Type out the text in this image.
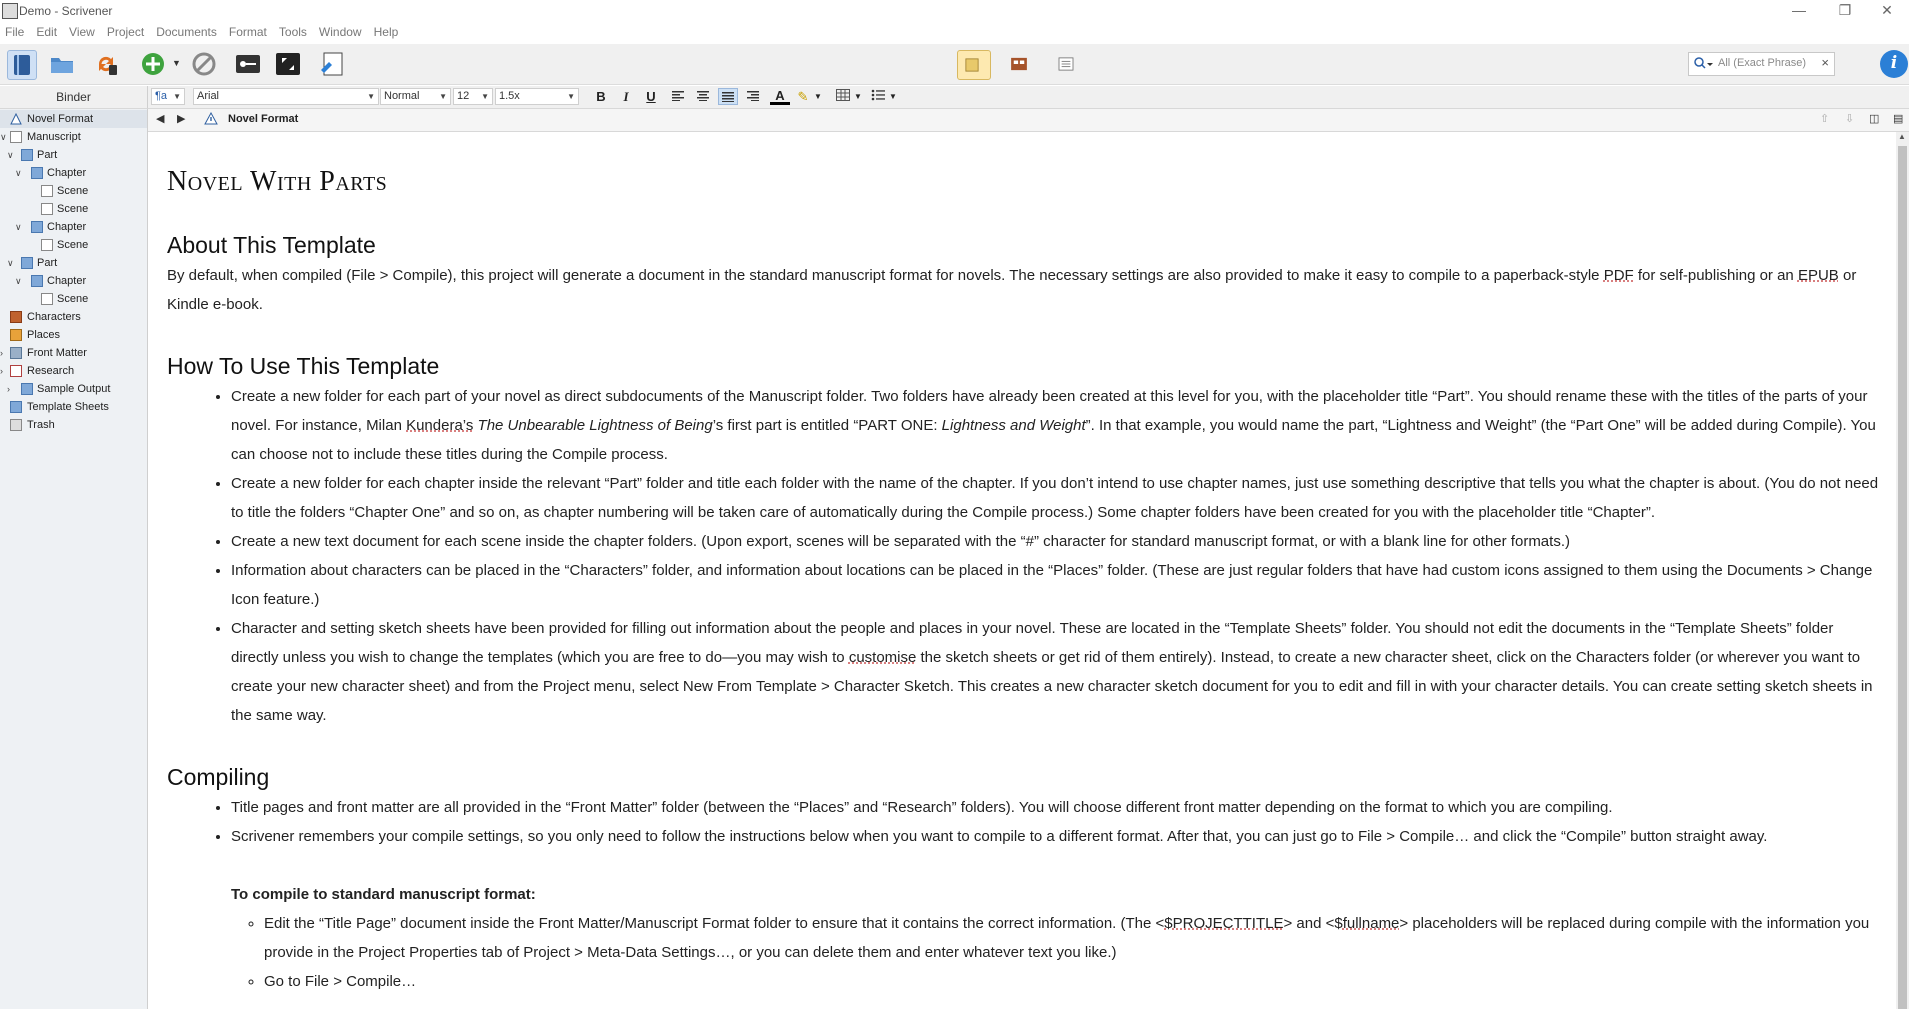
Demo - Scrivener	—	❐	✕
File Edit View Project Documents Format Tools Window Help
▼	All (Exact Phrase) ×	i
Binder
Novel Format
∨ Manuscript
∨ Part
∨ Chapter
Scene
Scene
∨ Chapter
Scene
∨ Part
∨ Chapter
Scene
Characters
Places
› Front Matter
› Research
› Sample Output
Template Sheets
Trash
¶a ▼	Arial	▼ Normal ▼ 12 ▼ 1.5x	▼	B	I	U	A ✎ ▼	▼	▼
◀ ▶	Novel Format	⇧ ⇩ ◫ ▤
Novel With Parts
About This Template

By default, when compiled (File > Compile), this project will generate a document in the standard manuscript format for novels. The necessary settings are also provided to make it easy to compile to a paperback-style PDF for self-publishing or an EPUB or Kindle e-book.

How To Use This Template
• Create a new folder for each part of your novel as direct subdocuments of the Manuscript folder. Two folders have already been created at this level for you, with the placeholder title “Part”. You should rename these with the titles of the parts of your novel. For instance, Milan Kundera’s The Unbearable Lightness of Being’s first part is entitled “PART ONE: Lightness and Weight”. In that example, you would name the part, “Lightness and Weight” (the “Part One” will be added during Compile). You can choose not to include these titles during the Compile process.
• Create a new folder for each chapter inside the relevant “Part” folder and title each folder with the name of the chapter. If you don’t intend to use chapter names, just use something descriptive that tells you what the chapter is about. (You do not need to title the folders “Chapter One” and so on, as chapter numbering will be taken care of automatically during the Compile process.) Some chapter folders have been created for you with the placeholder title “Chapter”.
• Create a new text document for each scene inside the chapter folders. (Upon export, scenes will be separated with the “#” character for standard manuscript format, or with a blank line for other formats.)
• Information about characters can be placed in the “Characters” folder, and information about locations can be placed in the “Places” folder. (These are just regular folders that have had custom icons assigned to them using the Documents > Change Icon feature.)
• Character and setting sketch sheets have been provided for filling out information about the people and places in your novel. These are located in the “Template Sheets” folder. You should not edit the documents in the “Template Sheets” folder directly unless you wish to change the templates (which you are free to do—you may wish to customise the sketch sheets or get rid of them entirely). Instead, to create a new character sheet, click on the Characters folder (or wherever you want to create your new character sheet) and from the Project menu, select New From Template > Character Sketch. This creates a new character sketch document for you to edit and fill in with your character details. You can create setting sketch sheets in the same way.
Compiling
• Title pages and front matter are all provided in the “Front Matter” folder (between the “Places” and “Research” folders). You will choose different front matter depending on the format to which you are compiling.
• Scrivener remembers your compile settings, so you only need to follow the instructions below when you want to compile to a different format. After that, you can just go to File > Compile… and click the “Compile” button straight away.

To compile to standard manuscript format:

◦ Edit the “Title Page” document inside the Front Matter/Manuscript Format folder to ensure that it contains the correct information. (The <$PROJECTTITLE> and <$fullname> placeholders will be replaced during compile with the information you provide in the Project Properties tab of Project > Meta-Data Settings…, or you can delete them and enter whatever text you like.)
◦ Go to File > Compile…
▲
